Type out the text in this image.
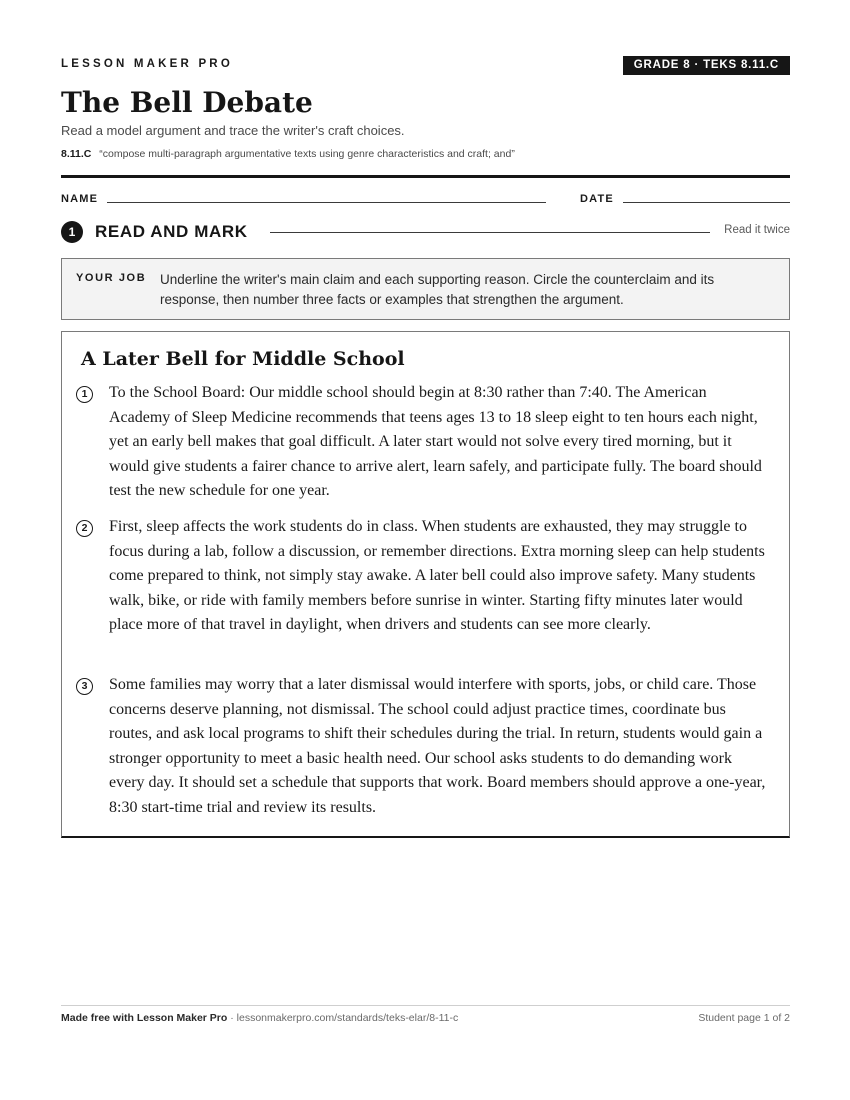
LESSON MAKER PRO	GRADE 8 · TEKS 8.11.C
The Bell Debate
Read a model argument and trace the writer's craft choices.
8.11.C “compose multi-paragraph argumentative texts using genre characteristics and craft; and”
NAME	DATE
1	READ AND MARK	Read it twice
YOUR JOB Underline the writer's main claim and each supporting reason. Circle the counterclaim and its response, then number three facts or examples that strengthen the argument.
A Later Bell for Middle School
1	To the School Board: Our middle school should begin at 8:30 rather than 7:40. The American Academy of Sleep Medicine recommends that teens ages 13 to 18 sleep eight to ten hours each night, yet an early bell makes that goal difficult. A later start would not solve every tired morning, but it would give students a fairer chance to arrive alert, learn safely, and participate fully. The board should test the new schedule for one year.
2	First, sleep affects the work students do in class. When students are exhausted, they may struggle to focus during a lab, follow a discussion, or remember directions. Extra morning sleep can help students come prepared to think, not simply stay awake. A later bell could also improve safety. Many students walk, bike, or ride with family members before sunrise in winter. Starting fifty minutes later would place more of that travel in daylight, when drivers and students can see more clearly.
3	Some families may worry that a later dismissal would interfere with sports, jobs, or child care. Those concerns deserve planning, not dismissal. The school could adjust practice times, coordinate bus routes, and ask local programs to shift their schedules during the trial. In return, students would gain a stronger opportunity to meet a basic health need. Our school asks students to do demanding work every day. It should set a schedule that supports that work. Board members should approve a one-year, 8:30 start-time trial and review its results.
Made free with Lesson Maker Pro · lessonmakerpro.com/standards/teks-elar/8-11-c	Student page 1 of 2
